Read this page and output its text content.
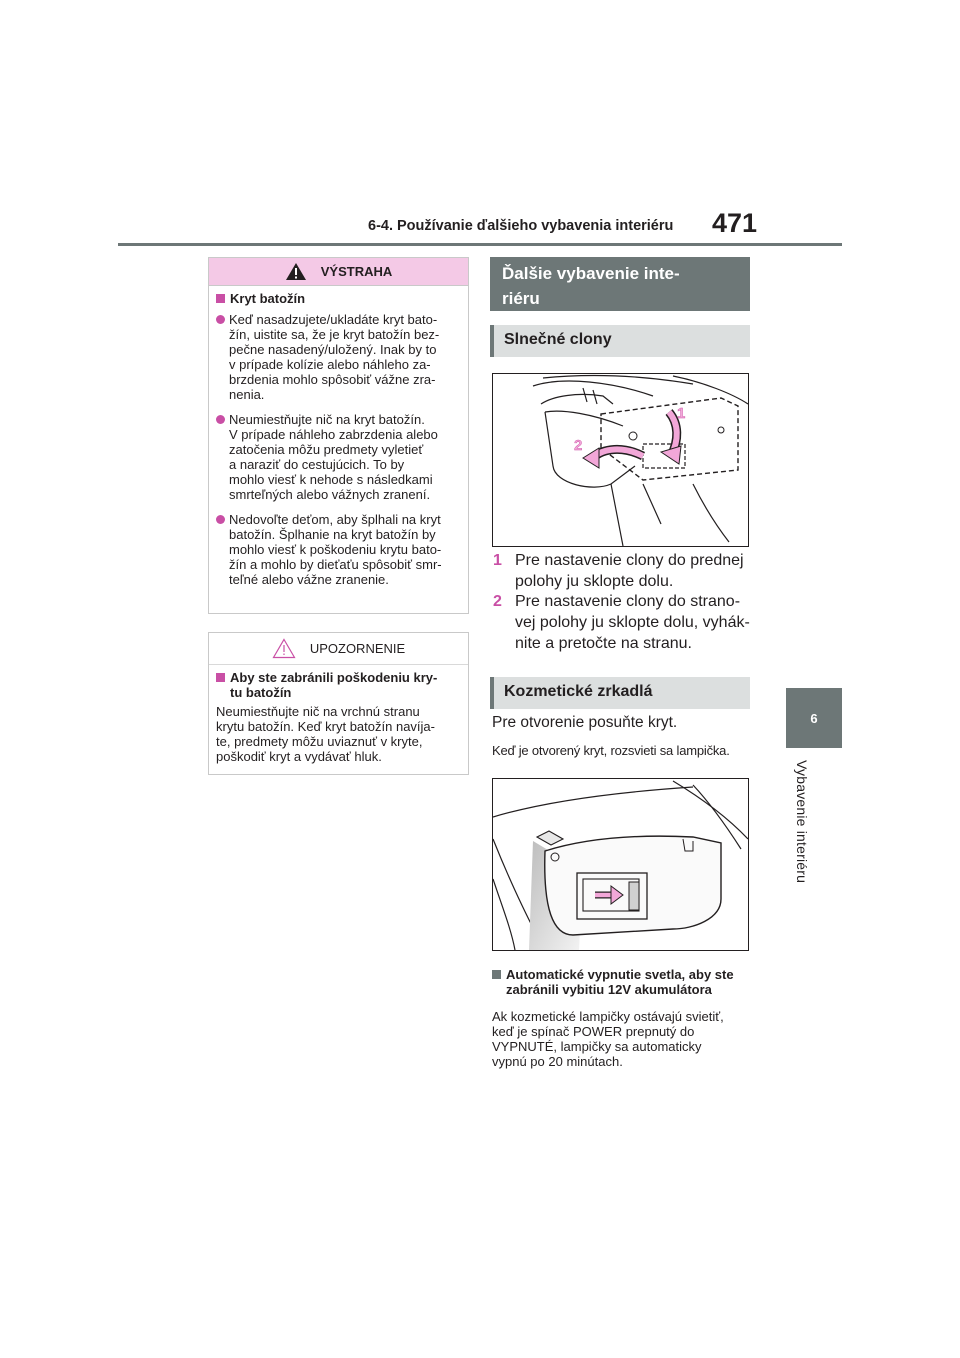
6-4. Používanie ďalšieho vybavenia interiéru 471
6
Vybavenie interiéru
VÝSTRAHA
Kryt batožín
Keď nasadzujete/ukladáte kryt bato-
žín, uistite sa, že je kryt batožín bez-
pečne nasadený/uložený. Inak by to
v prípade kolízie alebo náhleho za-
brzdenia mohlo spôsobiť vážne zra-
nenia.
Neumiestňujte nič na kryt batožín.
V prípade náhleho zabrzdenia alebo
zatočenia môžu predmety vyletieť
a naraziť do cestujúcich. To by
mohlo viesť k nehode s následkami
smrteľných alebo vážnych zranení.
Nedovoľte deťom, aby šplhali na kryt
batožín. Šplhanie na kryt batožín by
mohlo viesť k poškodeniu krytu bato-
žín a mohlo by dieťaťu spôsobiť smr-
teľné alebo vážne zranenie.
UPOZORNENIE
Aby ste zabránili poškodeniu kry-
tu batožín
Neumiestňujte nič na vrchnú stranu
krytu batožín. Keď kryt batožín navíja-
te, predmety môžu uviaznuť v kryte,
poškodiť kryt a vydávať hluk.
Ďalšie vybavenie inte-
riéru
Slnečné clony
1
2
1 Pre nastavenie clony do prednej
polohy ju sklopte dolu.
2 Pre nastavenie clony do strano-
vej polohy ju sklopte dolu, vyhák-
nite a pretočte na stranu.
Kozmetické zrkadlá
Pre otvorenie posuňte kryt.
Keď je otvorený kryt, rozsvieti sa lampička.
Automatické vypnutie svetla, aby ste
zabránili vybitiu 12V akumulátora
Ak kozmetické lampičky ostávajú svietiť,
keď je spínač POWER prepnutý do
VYPNUTÉ, lampičky sa automaticky
vypnú po 20 minútach.
